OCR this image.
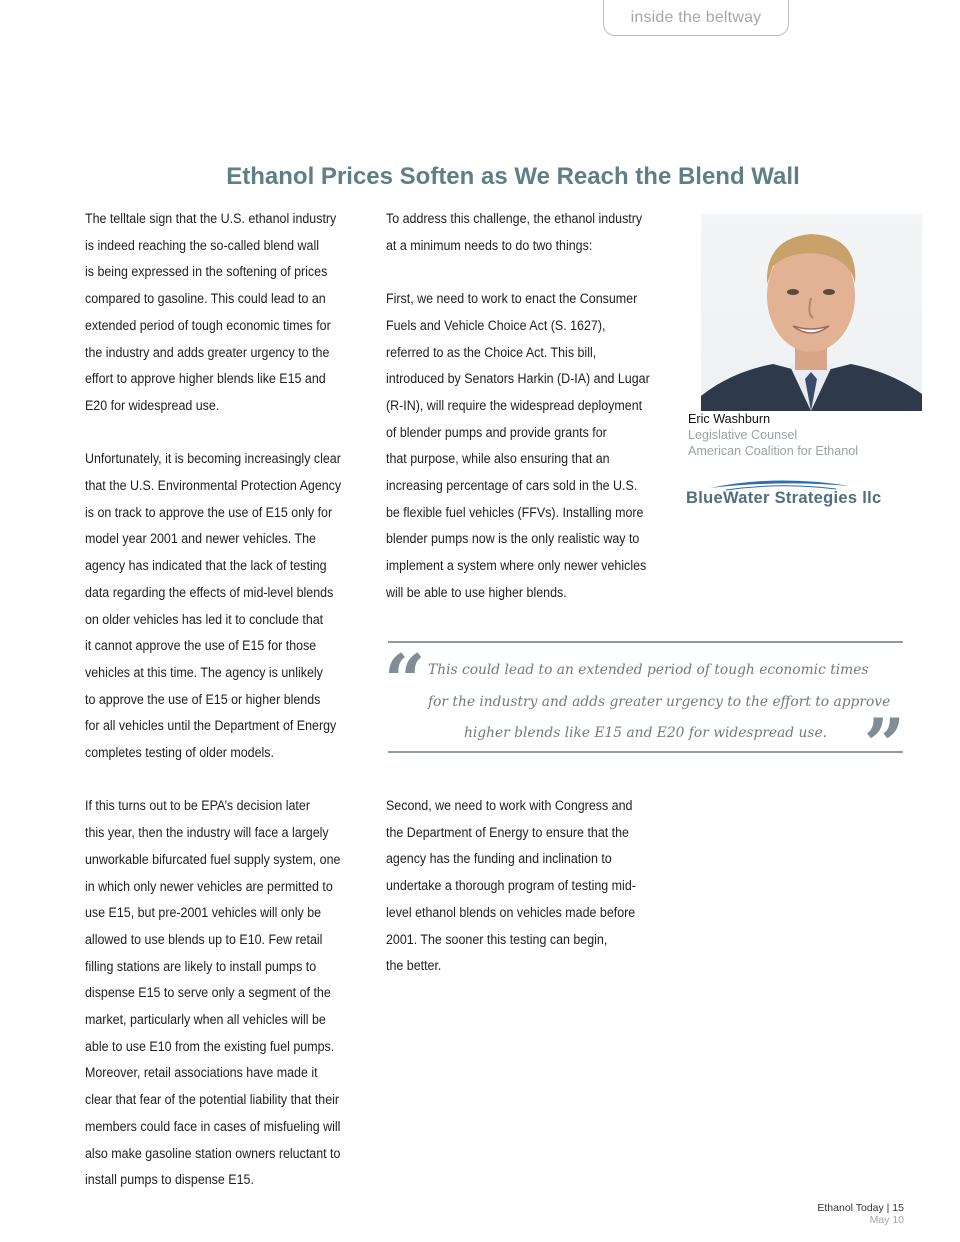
inside the beltway
Ethanol Prices Soften as We Reach the Blend Wall

The telltale sign that the U.S. ethanol industry
is indeed reaching the so-called blend wall
is being expressed in the softening of prices
compared to gasoline. This could lead to an
extended period of tough economic times for
the industry and adds greater urgency to the
effort to approve higher blends like E15 and
E20 for widespread use.

Unfortunately, it is becoming increasingly clear
that the U.S. Environmental Protection Agency
is on track to approve the use of E15 only for
model year 2001 and newer vehicles. The
agency has indicated that the lack of testing
data regarding the effects of mid-level blends
on older vehicles has led it to conclude that
it cannot approve the use of E15 for those
vehicles at this time. The agency is unlikely
to approve the use of E15 or higher blends
for all vehicles until the Department of Energy
completes testing of older models.

If this turns out to be EPA’s decision later
this year, then the industry will face a largely
unworkable bifurcated fuel supply system, one
in which only newer vehicles are permitted to
use E15, but pre-2001 vehicles will only be
allowed to use blends up to E10. Few retail
filling stations are likely to install pumps to
dispense E15 to serve only a segment of the
market, particularly when all vehicles will be
able to use E10 from the existing fuel pumps.
Moreover, retail associations have made it
clear that fear of the potential liability that their
members could face in cases of misfueling will
also make gasoline station owners reluctant to
install pumps to dispense E15.

To address this challenge, the ethanol industry
at a minimum needs to do two things:

First, we need to work to enact the Consumer
Fuels and Vehicle Choice Act (S. 1627),
referred to as the Choice Act. This bill,
introduced by Senators Harkin (D-IA) and Lugar
(R-IN), will require the widespread deployment
of blender pumps and provide grants for
that purpose, while also ensuring that an
increasing percentage of cars sold in the U.S.
be flexible fuel vehicles (FFVs). Installing more
blender pumps now is the only realistic way to
implement a system where only newer vehicles
will be able to use higher blends.

Second, we need to work with Congress and
the Department of Energy to ensure that the
agency has the funding and inclination to
undertake a thorough program of testing mid-
level ethanol blends on vehicles made before
2001. The sooner this testing can begin,
the better.

Eric Washburn
Legislative Counsel
American Coalition for Ethanol
BlueWater Strategies llc
“ This could lead to an extended period of tough economic times
for the industry and adds greater urgency to the effort to approve
higher blends like E15 and E20 for widespread use. ”
Ethanol Today | 15
May 10
